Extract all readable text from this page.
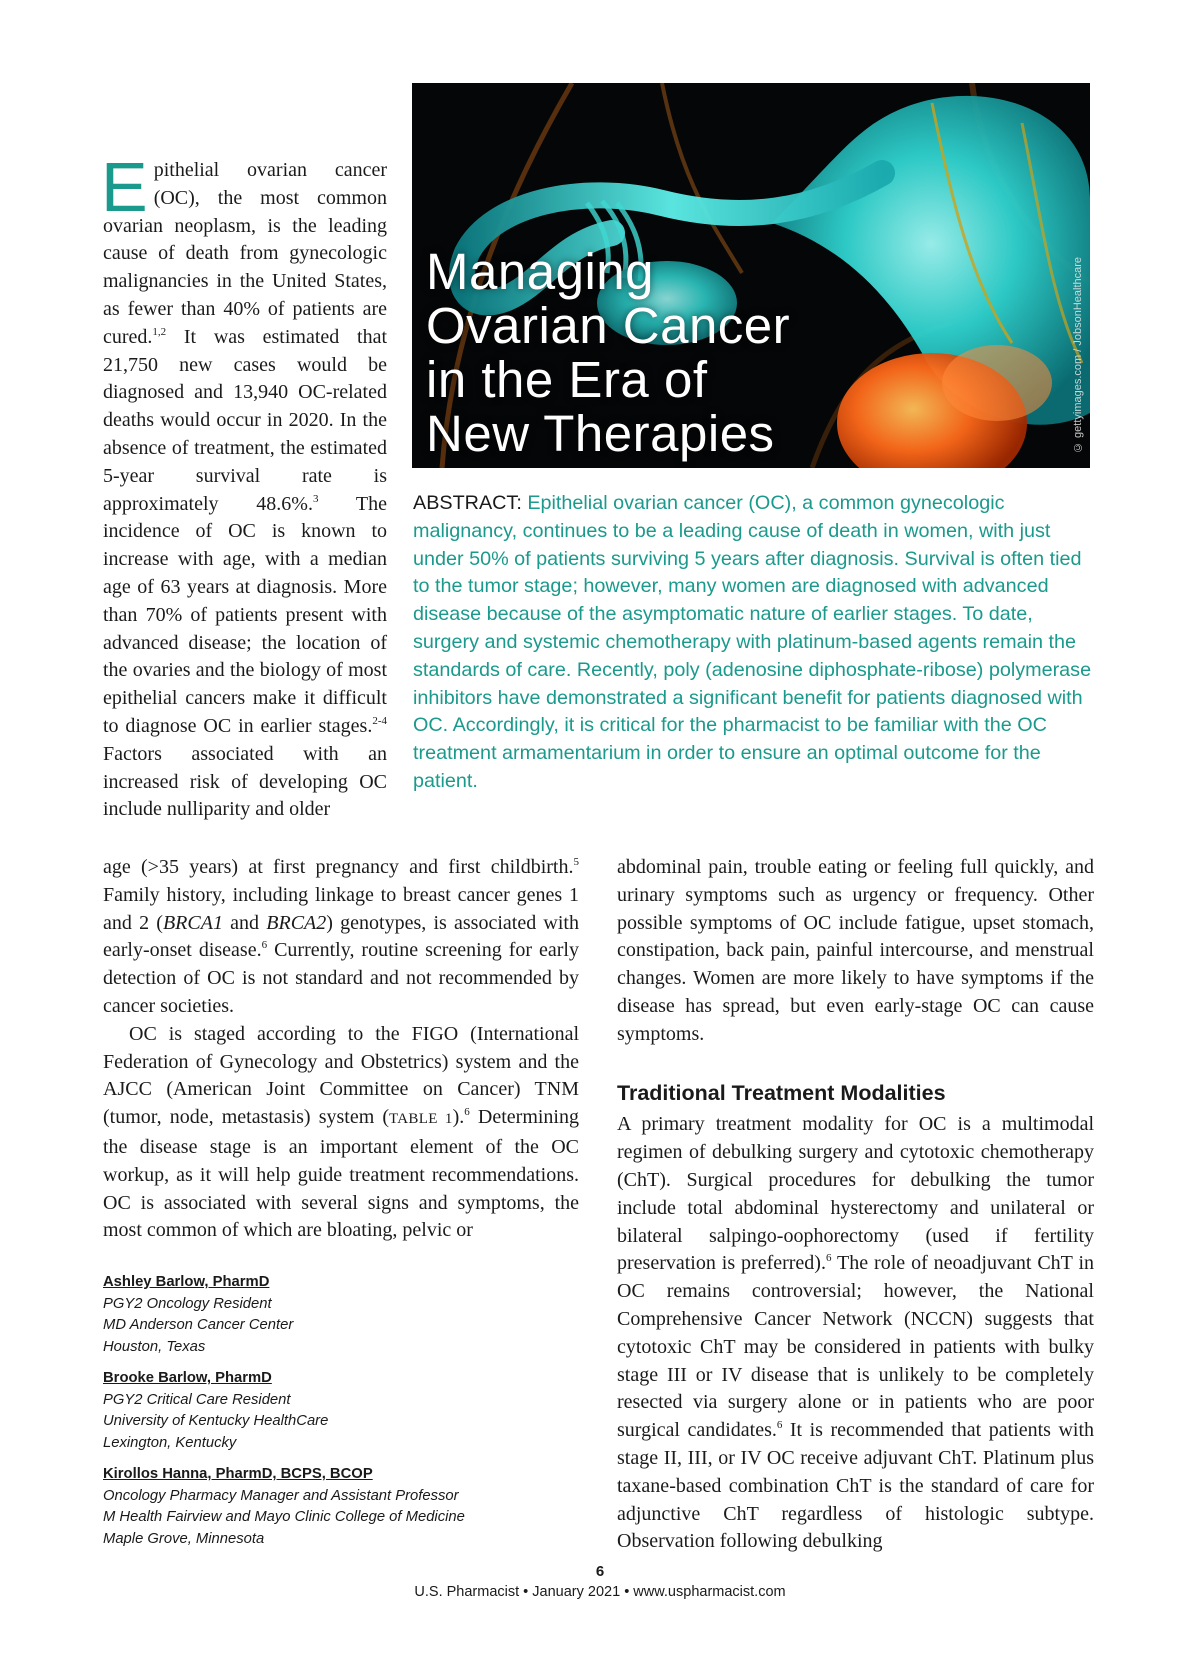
Managing
Ovarian Cancer
in the Era of
New Therapies	© gettyimages.com / JobsonHealthcare
ABSTRACT: Epithelial ovarian cancer (OC), a common gynecologic malignancy, continues to be a leading cause of death in women, with just under 50% of patients surviving 5 years after diagnosis. Survival is often tied to the tumor stage; however, many women are diagnosed with advanced disease because of the asymptomatic nature of earlier stages. To date, surgery and systemic chemotherapy with platinum-based agents remain the standards of care. Recently, poly (adenosine diphosphate-ribose) polymerase inhibitors have demonstrated a significant benefit for patients diagnosed with OC. Accordingly, it is critical for the pharmacist to be familiar with the OC treatment armamentarium in order to ensure an optimal outcome for the patient.
Epithelial ovarian cancer (OC), the most common ovarian neoplasm, is the leading cause of death from gynecologic malignancies in the United States, as fewer than 40% of patients are cured.$^{1,2}$ It was estimated that 21,750 new cases would be diagnosed and 13,940 OC-related deaths would occur in 2020. In the absence of treatment, the estimated 5-year survival rate is approximately 48.6%.$^3$ The incidence of OC is known to increase with age, with a median age of 63 years at diagnosis. More than 70% of patients present with advanced disease; the location of the ovaries and the biology of most epithelial cancers make it difficult to diagnose OC in earlier stages.$^{2-4}$ Factors associated with an increased risk of developing OC include nulliparity and older

age (>35 years) at first pregnancy and first childbirth.$^5$ Family history, including linkage to breast cancer genes 1 and 2 (BRCA1 and BRCA2) genotypes, is associated with early-onset disease.$^6$ Currently, routine screening for early detection of OC is not standard and not recommended by cancer societies.

OC is staged according to the FIGO (International Federation of Gynecology and Obstetrics) system and the AJCC (American Joint Committee on Cancer) TNM (tumor, node, metastasis) system (TABLE 1).$^6$ Determining the disease stage is an important element of the OC workup, as it will help guide treatment recommendations. OC is associated with several signs and symptoms, the most common of which are bloating, pelvic or

abdominal pain, trouble eating or feeling full quickly, and urinary symptoms such as urgency or frequency. Other possible symptoms of OC include fatigue, upset stomach, constipation, back pain, painful intercourse, and menstrual changes. Women are more likely to have symptoms if the disease has spread, but even early-stage OC can cause symptoms.

Traditional Treatment Modalities

A primary treatment modality for OC is a multimodal regimen of debulking surgery and cytotoxic chemotherapy (ChT). Surgical procedures for debulking the tumor include total abdominal hysterectomy and unilateral or bilateral salpingo-oophorectomy (used if fertility preservation is preferred).$^6$ The role of neoadjuvant ChT in OC remains controversial; however, the National Comprehensive Cancer Network (NCCN) suggests that cytotoxic ChT may be considered in patients with bulky stage III or IV disease that is unlikely to be completely resected via surgery alone or in patients who are poor surgical candidates.$^6$ It is recommended that patients with stage II, III, or IV OC receive adjuvant ChT. Platinum plus taxane-based combination ChT is the standard of care for adjunctive ChT regardless of histologic subtype. Observation following debulking

Ashley Barlow, PharmD
PGY2 Oncology Resident
MD Anderson Cancer Center
Houston, Texas
Brooke Barlow, PharmD
PGY2 Critical Care Resident
University of Kentucky HealthCare
Lexington, Kentucky
Kirollos Hanna, PharmD, BCPS, BCOP
Oncology Pharmacy Manager and Assistant Professor
M Health Fairview and Mayo Clinic College of Medicine
Maple Grove, Minnesota
6
U.S. Pharmacist • January 2021 • www.uspharmacist.com
